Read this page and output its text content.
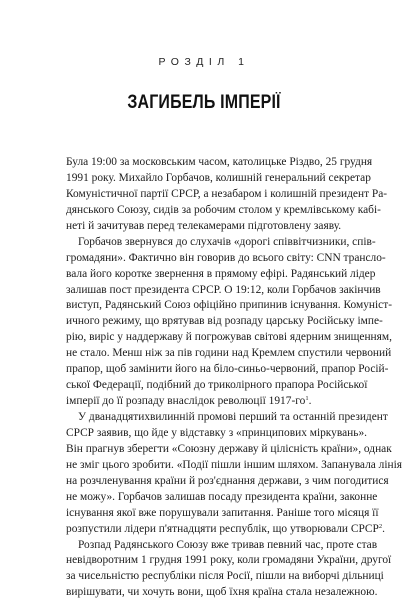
РОЗДІЛ 1
ЗАГИБЕЛЬ ІМПЕРІЇ
Була 19:00 за московським часом, католицьке Різдво, 25 грудня
1991 року. Михайло Горбачов, колишній генеральний секретар
Комуністичної партії СРСР, а незабаром і колишній президент Ра-
дянського Союзу, сидів за робочим столом у кремлівському кабі-
неті й зачитував перед телекамерами підготовлену заяву.
Горбачов звернувся до слухачів «дорогі співвітчизники, спів-
громадяни». Фактично він говорив до всього світу: CNN трансло-
вала його коротке звернення в прямому ефірі. Радянський лідер
залишав пост президента СРСР. О 19:12, коли Горбачов закінчив
виступ, Радянський Союз офіційно припинив існування. Комуніст-
ичного режиму, що врятував від розпаду царську Російську імпе-
рію, виріс у наддержаву й погрожував світові ядерним знищенням,
не стало. Менш ніж за пів години над Кремлем спустили червоний
прапор, щоб замінити його на біло-синьо-червоний, прапор Росій-
ської Федерації, подібний до триколірного прапора Російської
імперії до її розпаду внаслідок революції $1917-го^1$.
У дванадцятихвилинній промові перший та останній президент
СРСР заявив, що йде у відставку з «принципових міркувань».
Він прагнув зберегти «Союзну державу й цілісність країни», однак
не зміг цього зробити. «Події пішли іншим шляхом. Запанувала лінія
на розчленування країни й роз'єднання держави, з чим погодитися
не можу». Горбачов залишав посаду президента країни, законне
існування якої вже порушували запитання. Раніше того місяця її
розпустили лідери п'ятнадцяти республік, що утворювали СРСР$^2$.
Розпад Радянського Союзу вже тривав певний час, проте став
невідворотним 1 грудня 1991 року, коли громадяни України, другої
за чисельністю республіки після Росії, пішли на виборчі дільниці
вирішувати, чи хочуть вони, щоб їхня країна стала незалежною.
